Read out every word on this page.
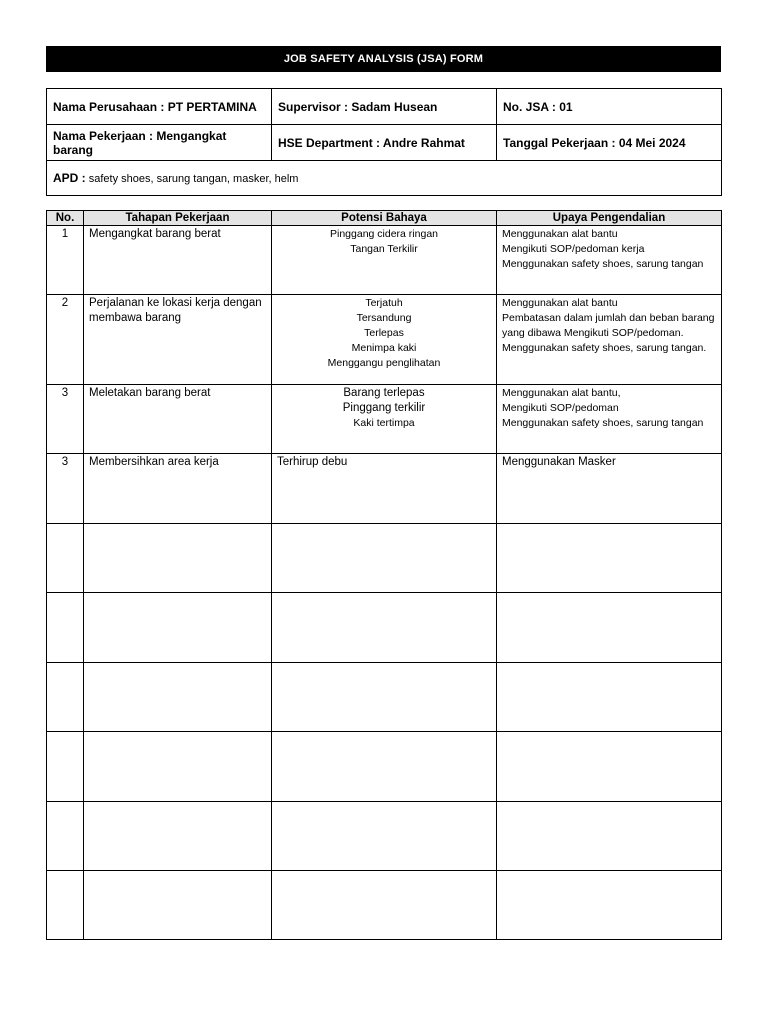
JOB SAFETY ANALYSIS (JSA) FORM
Nama Perusahaan : PT PERTAMINA	Supervisor : Sadam Husean	No. JSA : 01
Nama Pekerjaan : Mengangkat barang	HSE Department : Andre Rahmat	Tanggal Pekerjaan : 04 Mei 2024
APD : safety shoes, sarung tangan, masker, helm		
No.	Tahapan Pekerjaan	Potensi Bahaya	Upaya Pengendalian
1	Mengangkat barang berat	Pinggang cidera ringan
Tangan Terkilir	Menggunakan alat bantu
Mengikuti SOP/pedoman kerja
Menggunakan safety shoes, sarung tangan

2	Perjalanan ke lokasi kerja dengan membawa barang	Terjatuh
Tersandung
Terlepas
Menimpa kaki
Menggangu penglihatan	Menggunakan alat bantu
Pembatasan dalam jumlah dan beban barang yang dibawa Mengikuti SOP/pedoman.
Menggunakan safety shoes, sarung tangan.

3	Meletakan barang berat	Barang terlepas
Pinggang terkilir
Kaki tertimpa	Menggunakan alat bantu,
Mengikuti SOP/pedoman
Menggunakan safety shoes, sarung tangan

3	Membersihkan area kerja	Terhirup debu	Menggunakan Masker
